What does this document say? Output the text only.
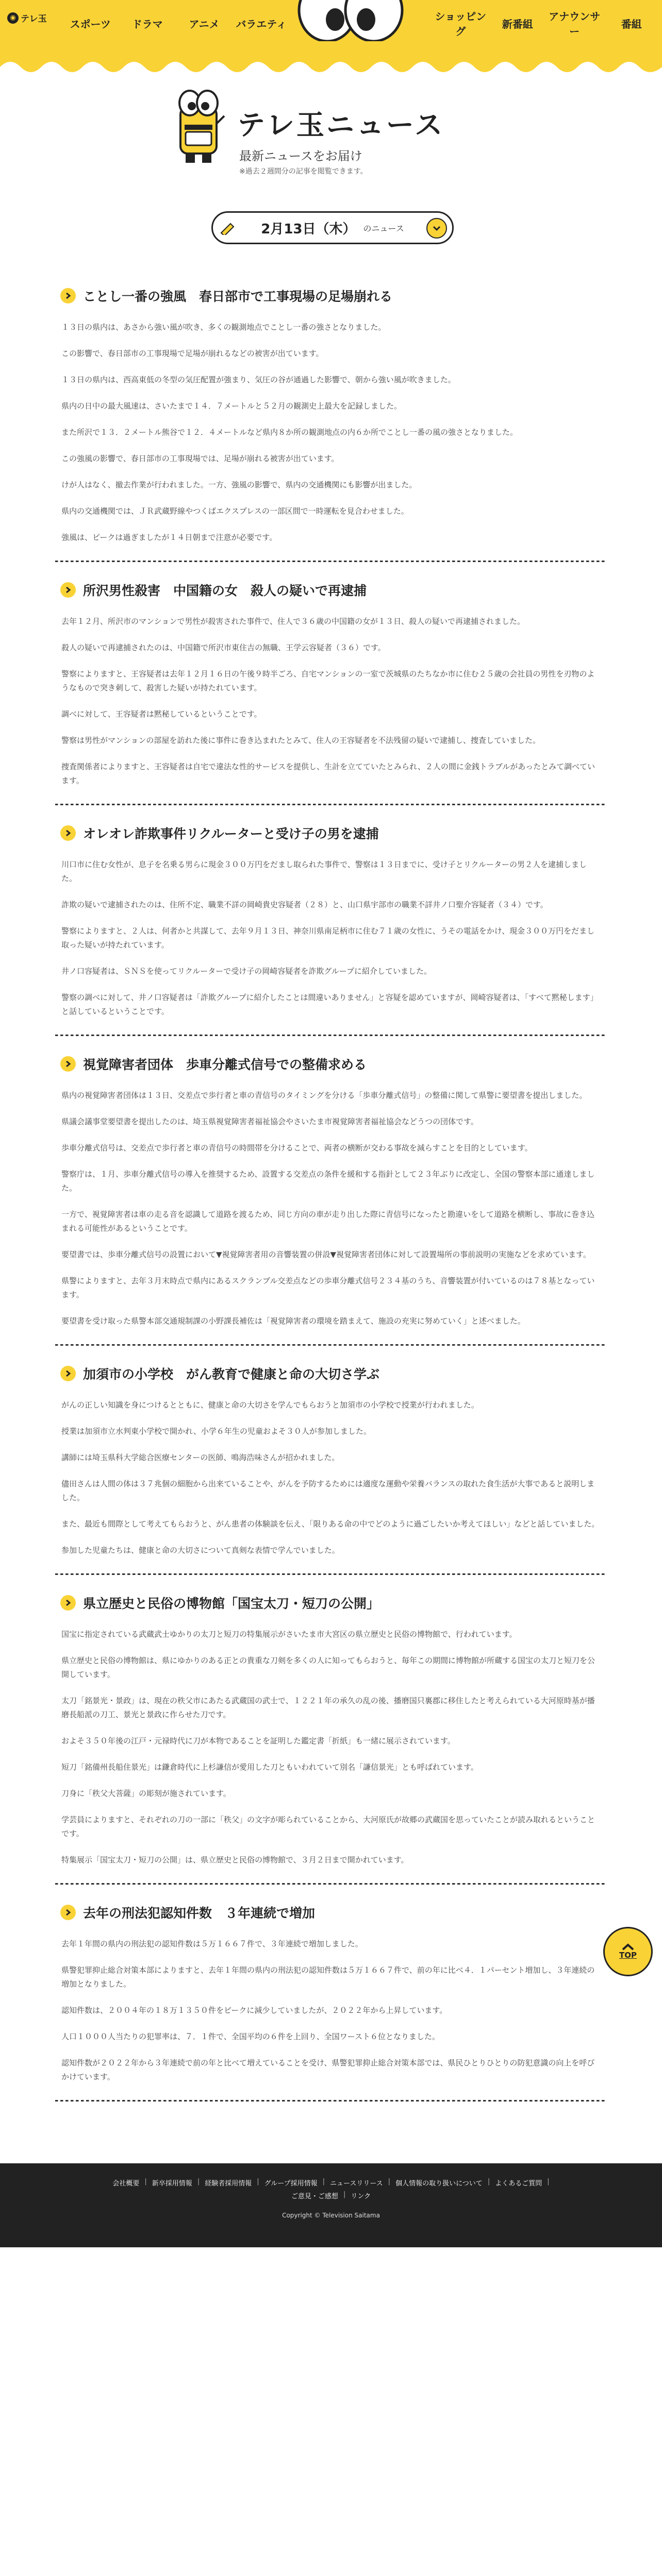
◉ テレ玉	スポーツ	ドラマ	アニメ	バラエティ
ショッピング
新番組
アナウンサー
番組
テレ玉ニュース
最新ニュースをお届け
※過去２週間分の記事を閲覧できます。
2月13日（木） のニュース
ことし一番の強風　春日部市で工事現場の足場崩れる

１３日の県内は、あさから強い風が吹き、多くの観測地点でことし一番の強さとなりました。

この影響で、春日部市の工事現場で足場が崩れるなどの被害が出ています。

１３日の県内は、西高東低の冬型の気圧配置が強まり、気圧の谷が通過した影響で、朝から強い風が吹きました。

県内の日中の最大風速は、さいたまで１４．７メートルと５２月の観測史上最大を記録しました。

また所沢で１３．２メートル熊谷で１２．４メートルなど県内８か所の観測地点の内６か所でことし一番の風の強さとなりました。

この強風の影響で、春日部市の工事現場では、足場が崩れる被害が出ています。

けが人はなく、撤去作業が行われました。一方、強風の影響で、県内の交通機関にも影響が出ました。

県内の交通機関では、ＪＲ武蔵野線やつくばエクスプレスの一部区間で一時運転を見合わせました。

強風は、ピークは過ぎましたが１４日朝まで注意が必要です。

所沢男性殺害　中国籍の女　殺人の疑いで再逮捕

去年１２月、所沢市のマンションで男性が殺害された事件で、住人で３６歳の中国籍の女が１３日、殺人の疑いで再逮捕されました。

殺人の疑いで再逮捕されたのは、中国籍で所沢市東住吉の無職、王学云容疑者（３６）です。

警察によりますと、王容疑者は去年１２月１６日の午後９時半ごろ、自宅マンションの一室で茨城県のたちなか市に住む２５歳の会社員の男性を刃物のようなもので突き刺して、殺害した疑いが持たれています。

調べに対して、王容疑者は黙秘しているということです。

警察は男性がマンションの部屋を訪れた後に事件に巻き込まれたとみて、住人の王容疑者を不法残留の疑いで逮捕し、捜査していました。

捜査関係者によりますと、王容疑者は自宅で違法な性的サービスを提供し、生計を立てていたとみられ、２人の間に金銭トラブルがあったとみて調べています。

オレオレ詐欺事件リクルーターと受け子の男を逮捕

川口市に住む女性が、息子を名乗る男らに現金３００万円をだまし取られた事件で、警察は１３日までに、受け子とリクルーターの男２人を逮捕しました。

詐欺の疑いで逮捕されたのは、住所不定、職業不詳の岡崎貴史容疑者（２８）と、山口県宇部市の職業不詳井ノ口聖介容疑者（３４）です。

警察によりますと、２人は、何者かと共謀して、去年９月１３日、神奈川県南足柄市に住む７１歳の女性に、うその電話をかけ、現金３００万円をだまし取った疑いが持たれています。

井ノ口容疑者は、ＳＮＳを使ってリクルーターで受け子の岡崎容疑者を詐欺グループに紹介していました。

警察の調べに対して、井ノ口容疑者は「詐欺グループに紹介したことは間違いありません」と容疑を認めていますが、岡崎容疑者は、「すべて黙秘します」と話しているということです。

視覚障害者団体　歩車分離式信号での整備求める

県内の視覚障害者団体は１３日、交差点で歩行者と車の青信号のタイミングを分ける「歩車分離式信号」の整備に関して県警に要望書を提出しました。

県議会議事堂要望書を提出したのは、埼玉県視覚障害者福祉協会やさいたま市視覚障害者福祉協会などうつの団体です。

歩車分離式信号は、交差点で歩行者と車の青信号の時間帯を分けることで、両者の横断が交わる事故を減らすことを目的としています。

警察庁は、１月、歩車分離式信号の導入を推奨するため、設置する交差点の条件を緩和する指針として２３年ぶりに改定し、全国の警察本部に通達しました。

一方で、視覚障害者は車の走る音を認識して道路を渡るため、同じ方向の車が走り出した際に青信号になったと勘違いをして道路を横断し、事故に巻き込まれる可能性があるということです。

要望書では、歩車分離式信号の設置において▼視覚障害者用の音響装置の併設▼視覚障害者団体に対して設置場所の事前説明の実施などを求めています。

県警によりますと、去年３月末時点で県内にあるスクランブル交差点などの歩車分離式信号２３４基のうち、音響装置が付いているのは７８基となっています。

要望書を受け取った県警本部交通規制課の小野課長補佐は「視覚障害者の環境を踏まえて、施設の充実に努めていく」と述べました。

加須市の小学校　がん教育で健康と命の大切さ学ぶ

がんの正しい知識を身につけるとともに、健康と命の大切さを学んでもらおうと加須市の小学校で授業が行われました。

授業は加須市立水判東小学校で開かれ、小学６年生の児童およそ３０人が参加しました。

講師には埼玉県科大学総合医療センターの医師、鳴海浩味さんが招かれました。

儘田さんは人間の体は３７兆個の細胞から出来ていることや、がんを予防するためには適度な運動や栄養バランスの取れた食生活が大事であると説明しました。

また、最近も間際として考えてもらおうと、がん患者の体験談を伝え、「限りある命の中でどのように過ごしたいか考えてほしい」などと話していました。

参加した児童たちは、健康と命の大切さについて真剣な表情で学んでいました。

県立歴史と民俗の博物館「国宝太刀・短刀の公開」

国宝に指定されている武蔵武士ゆかりの太刀と短刀の特集展示がさいたま市大宮区の県立歴史と民俗の博物館で、行われています。

県立歴史と民俗の博物館は、県にゆかりのある正との貴重な刀剣を多くの人に知ってもらおうと、毎年この期間に博物館が所蔵する国宝の太刀と短刀を公開しています。

太刀「銘景光・景政」は、現在の秩父市にあたる武蔵国の武士で、１２２１年の承久の乱の後、播磨国只裏郡に移住したと考えられている大河原時基が播磨長船派の刀工、景光と景政に作らせた刀です。

およそ３５０年後の江戸・元禄時代に刀が本物であることを証明した鑑定書「折紙」も一緒に展示されています。

短刀「銘備州長船住景光」は鎌倉時代に上杉謙信が愛用した刀ともいわれていて別名「謙信景光」とも呼ばれています。

刀身に「秩父大菩薩」の彫刻が施されています。

学芸員によりますと、それぞれの刀の一部に「秩父」の文字が彫られていることから、大河原氏が故郷の武蔵国を思っていたことが読み取れるということです。

特集展示「国宝太刀・短刀の公開」は、県立歴史と民俗の博物館で、３月２日まで開かれています。

去年の刑法犯認知件数　３年連続で増加

去年１年間の県内の刑法犯の認知件数は５万１６６７件で、３年連続で増加しました。

県警犯罪抑止総合対策本部によりますと、去年１年間の県内の刑法犯の認知件数は５万１６６７件で、前の年に比べ４．１パーセント増加し、３年連続の増加となりました。

認知件数は、２００４年の１８万１３５０件をピークに減少していましたが、２０２２年から上昇しています。

人口１０００人当たりの犯罪率は、７．１件で、全国平均の６件を上回り、全国ワースト６位となりました。

認知件数が２０２２年から３年連続で前の年と比べて増えていることを受け、県警犯罪抑止総合対策本部では、県民ひとりひとりの防犯意識の向上を呼びかけています。

TOP
会社概要 | 新卒採用情報 | 経験者採用情報 | グループ採用情報 | ニュースリリース | 個人情報の取り扱いについて | よくあるご質問 |
ご意見・ご感想 | リンク
Copyright © Television Saitama
